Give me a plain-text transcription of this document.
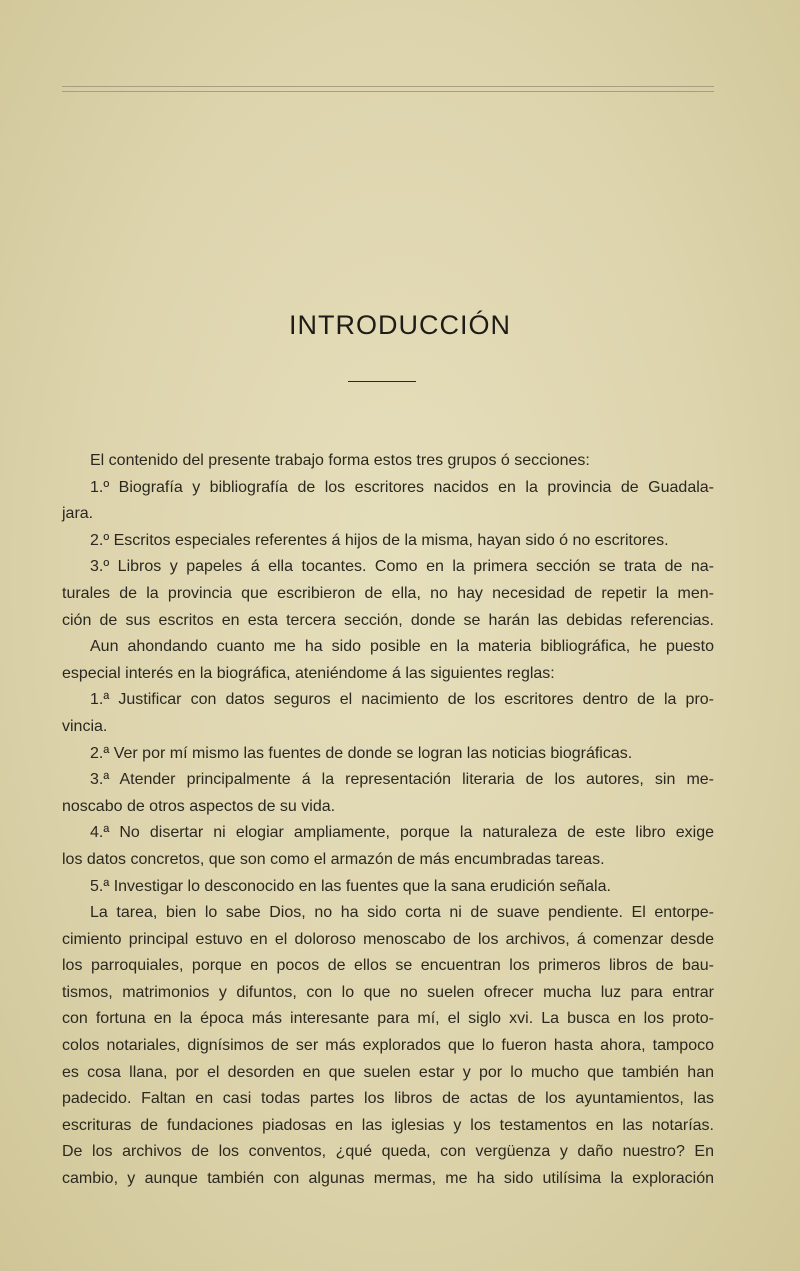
INTRODUCCIÓN

El contenido del presente trabajo forma estos tres grupos ó secciones:

1.º Biografía y bibliografía de los escritores nacidos en la provincia de Guadala-

jara.

2.º Escritos especiales referentes á hijos de la misma, hayan sido ó no escritores.

3.º Libros y papeles á ella tocantes. Como en la primera sección se trata de na-

turales de la provincia que escribieron de ella, no hay necesidad de repetir la men-

ción de sus escritos en esta tercera sección, donde se harán las debidas referencias.

Aun ahondando cuanto me ha sido posible en la materia bibliográfica, he puesto

especial interés en la biográfica, ateniéndome á las siguientes reglas:

1.ª Justificar con datos seguros el nacimiento de los escritores dentro de la pro-

vincia.

2.ª Ver por mí mismo las fuentes de donde se logran las noticias biográficas.

3.ª Atender principalmente á la representación literaria de los autores, sin me-

noscabo de otros aspectos de su vida.

4.ª No disertar ni elogiar ampliamente, porque la naturaleza de este libro exige

los datos concretos, que son como el armazón de más encumbradas tareas.

5.ª Investigar lo desconocido en las fuentes que la sana erudición señala.

La tarea, bien lo sabe Dios, no ha sido corta ni de suave pendiente. El entorpe-

cimiento principal estuvo en el doloroso menoscabo de los archivos, á comenzar desde

los parroquiales, porque en pocos de ellos se encuentran los primeros libros de bau-

tismos, matrimonios y difuntos, con lo que no suelen ofrecer mucha luz para entrar

con fortuna en la época más interesante para mí, el siglo xvi. La busca en los proto-

colos notariales, dignísimos de ser más explorados que lo fueron hasta ahora, tampoco

es cosa llana, por el desorden en que suelen estar y por lo mucho que también han

padecido. Faltan en casi todas partes los libros de actas de los ayuntamientos, las

escrituras de fundaciones piadosas en las iglesias y los testamentos en las notarías.

De los archivos de los conventos, ¿qué queda, con vergüenza y daño nuestro? En

cambio, y aunque también con algunas mermas, me ha sido utilísima la exploración
